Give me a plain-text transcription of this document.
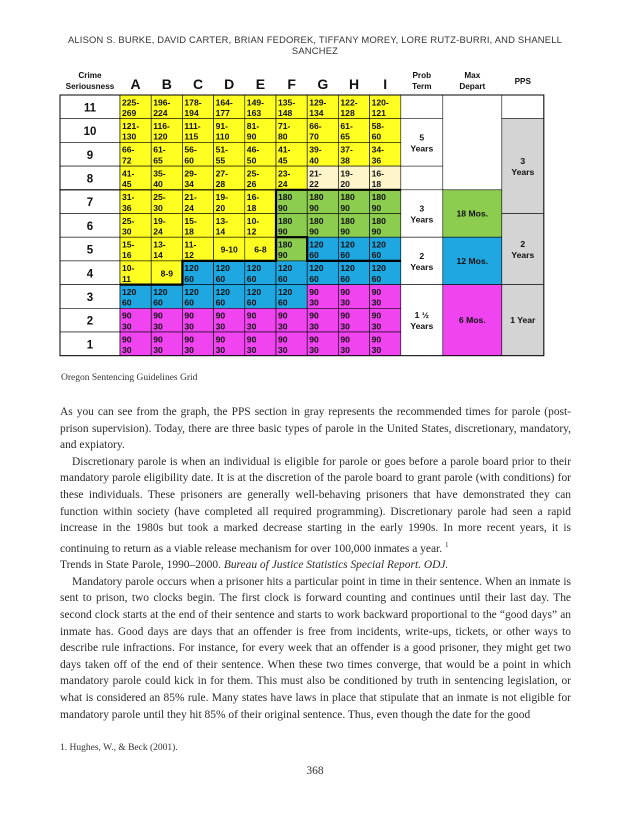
ALISON S. BURKE, DAVID CARTER, BRIAN FEDOREK, TIFFANY MOREY, LORE RUTZ-BURRI, AND SHANELL
SANCHEZ
Crime
Seriousness A B C D E F G H I
Prob
Term
Max
Depart
PPS
11
225-
269
196-
224
178-
194
164-
177
149-
163
135-
148
129-
134
122-
128
120-
121
10
121-
130
116-
120
111-
115
91-
110
81-
90
71-
80
66-
70
61-
65
58-
60
9
66-
72
61-
65
56-
60
51-
55
46-
50
41-
45
39-
40
37-
38
34-
36
8
41-
45
35-
40
29-
34
27-
28
25-
26
23-
24
21-
22
19-
20
16-
18
7
31-
36
25-
30
21-
24
19-
20
16-
18
180
90
180
90
180
90
180
90
6
25-
30
19-
24
15-
18
13-
14
10-
12
180
90
180
90
180
90
180
90
5
15-
16
13-
14
11-
12
9-10 6-8
180
90
120
60
120
60
120
60
4
10-
11
8-9
120
60
120
60
120
60
120
60
120
60
120
60
120
60
3
120
60
120
60
120
60
120
60
120
60
120
60
90
30
90
30
90
30
2
90
30
90
30
90
30
90
30
90
30
90
30
90
30
90
30
90
30
1
90
30
90
30
90
30
90
30
90
30
90
30
90
30
90
30
90
30
5
Years
3
Years
2
Years
1 ½
Years
18 Mos.
12 Mos.
6 Mos.
3
Years
2
Years
1 Year
Oregon Sentencing Guidelines Grid

As you can see from the graph, the PPS section in gray represents the recommended times for parole (post-prison supervision). Today, there are three basic types of parole in the United States, discretionary, mandatory, and expiatory.

Discretionary parole is when an individual is eligible for parole or goes before a parole board prior to their mandatory parole eligibility date. It is at the discretion of the parole board to grant parole (with conditions) for these individuals. These prisoners are generally well-behaving prisoners that have demonstrated they can function within society (have completed all required programming). Discretionary parole had seen a rapid increase in the 1980s but took a marked decrease starting in the early 1990s. In more recent years, it is continuing to return as a viable release mechanism for over 100,000 inmates a year. $^1$

Trends in State Parole, 1990–2000. Bureau of Justice Statistics Special Report. ODJ.

Mandatory parole occurs when a prisoner hits a particular point in time in their sentence. When an inmate is sent to prison, two clocks begin. The first clock is forward counting and continues until their last day. The second clock starts at the end of their sentence and starts to work backward proportional to the “good days” an inmate has. Good days are days that an offender is free from incidents, write-ups, tickets, or other ways to describe rule infractions. For instance, for every week that an offender is a good prisoner, they might get two days taken off of the end of their sentence. When these two times converge, that would be a point in which mandatory parole could kick in for them. This must also be conditioned by truth in sentencing legislation, or what is considered an 85% rule. Many states have laws in place that stipulate that an inmate is not eligible for mandatory parole until they hit 85% of their original sentence. Thus, even though the date for the good

1. Hughes, W., & Beck (2001).
368
